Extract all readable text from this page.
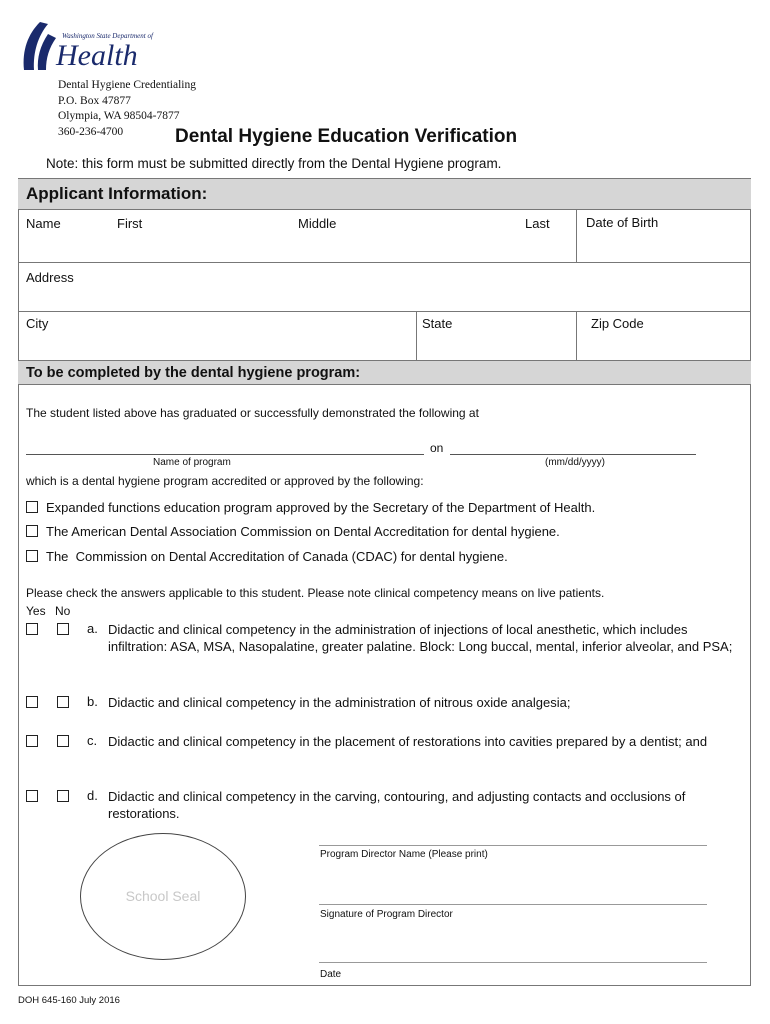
Washington State Department of
Health
Dental Hygiene Credentialing
P.O. Box 47877
Olympia, WA 98504-7877
360-236-4700	Dental Hygiene Education Verification
Note: this form must be submitted directly from the Dental Hygiene program.
Applicant Information:
Name	First	Middle	Last	Date of Birth
Address
City	State	Zip Code
To be completed by the dental hygiene program:
The student listed above has graduated or successfully demonstrated the following at
on
Name of program	(mm/dd/yyyy)
which is a dental hygiene program accredited or approved by the following:
Expanded functions education program approved by the Secretary of the Department of Health.
The American Dental Association Commission on Dental Accreditation for dental hygiene.
The  Commission on Dental Accreditation of Canada (CDAC) for dental hygiene.
Please check the answers applicable to this student. Please note clinical competency means on live patients.
Yes No
a. Didactic and clinical competency in the administration of injections of local anesthetic, which includes infiltration: ASA, MSA, Nasopalatine, greater palatine. Block: Long buccal, mental, inferior alveolar, and PSA;
b. Didactic and clinical competency in the administration of nitrous oxide analgesia;
c. Didactic and clinical competency in the placement of restorations into cavities prepared by a dentist; and
d. Didactic and clinical competency in the carving, contouring, and adjusting contacts and occlusions of restorations.
School Seal
Program Director Name (Please print)
Signature of Program Director
Date
DOH 645-160 July 2016
